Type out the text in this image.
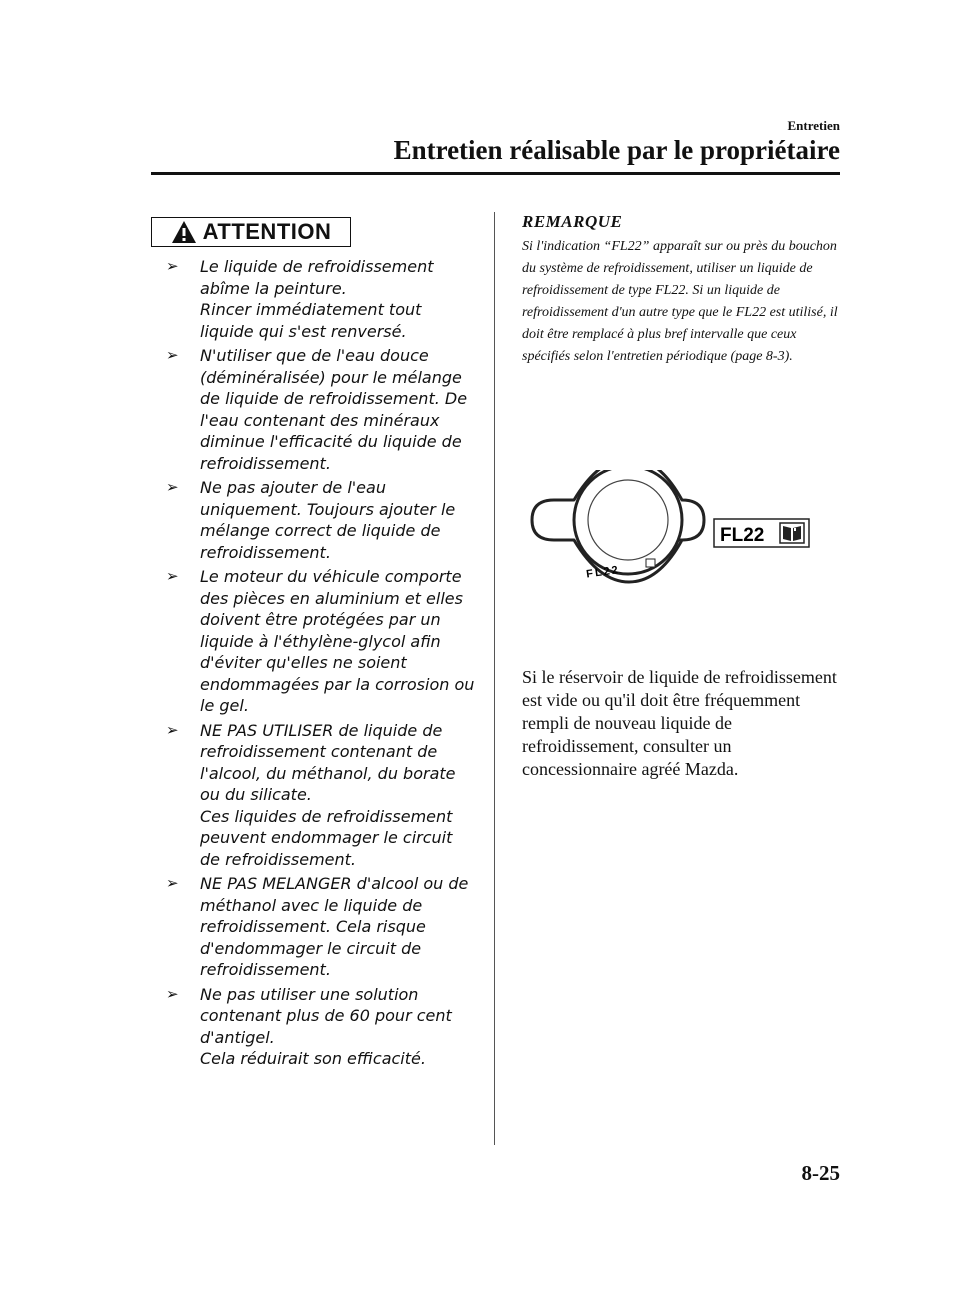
Entretien
Entretien réalisable par le propriétaire
ATTENTION
➢ Le liquide de refroidissement abîme la peinture.
Rincer immédiatement tout liquide qui s'est renversé.
➢ N'utiliser que de l'eau douce (déminéralisée) pour le mélange de liquide de refroidissement. De l'eau contenant des minéraux diminue l'efficacité du liquide de refroidissement.
➢ Ne pas ajouter de l'eau uniquement. Toujours ajouter le mélange correct de liquide de refroidissement.
➢ Le moteur du véhicule comporte des pièces en aluminium et elles doivent être protégées par un liquide à l'éthylène-glycol afin d'éviter qu'elles ne soient endommagées par la corrosion ou le gel.
➢ NE PAS UTILISER de liquide de refroidissement contenant de l'alcool, du méthanol, du borate ou du silicate.
Ces liquides de refroidissement peuvent endommager le circuit de refroidissement.
➢ NE PAS MELANGER d'alcool ou de méthanol avec le liquide de refroidissement. Cela risque d'endommager le circuit de refroidissement.
➢ Ne pas utiliser une solution contenant plus de 60 pour cent d'antigel.
Cela réduirait son efficacité.
REMARQUE
Si l'indication “FL22” apparaît sur ou près du bouchon du système de refroidissement, utiliser un liquide de refroidissement de type FL22. Si un liquide de refroidissement d'un autre type que le FL22 est utilisé, il doit être remplacé à plus bref intervalle que ceux spécifiés selon l'entretien périodique (page 8-3).
FL22
FL22
Si le réservoir de liquide de refroidissement est vide ou qu'il doit être fréquemment rempli de nouveau liquide de refroidissement, consulter un concessionnaire agréé Mazda.
8-25
